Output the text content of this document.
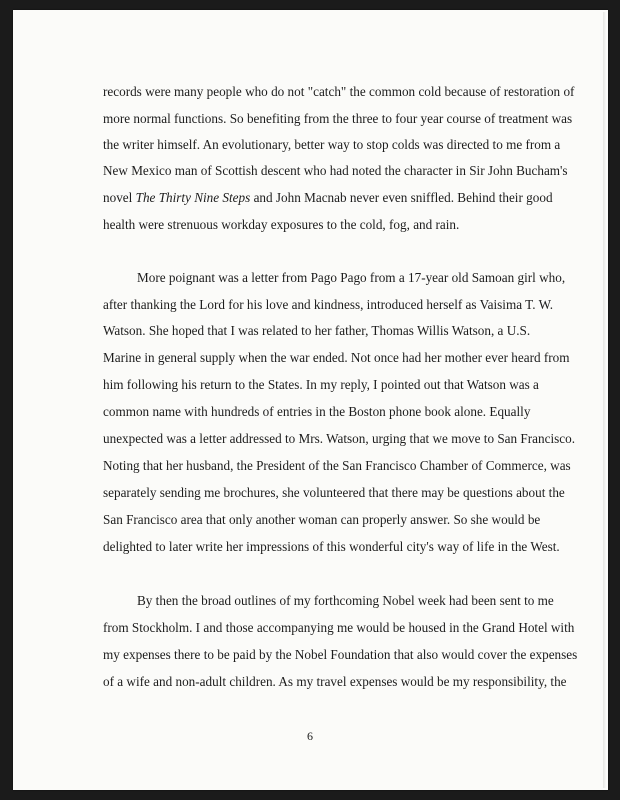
records were many people who do not "catch" the common cold because of restoration of
more normal functions. So benefiting from the three to four year course of treatment was
the writer himself. An evolutionary, better way to stop colds was directed to me from a
New Mexico man of Scottish descent who had noted the character in Sir John Bucham's
novel The Thirty Nine Steps and John Macnab never even sniffled. Behind their good
health were strenuous workday exposures to the cold, fog, and rain.
More poignant was a letter from Pago Pago from a 17-year old Samoan girl who,
after thanking the Lord for his love and kindness, introduced herself as Vaisima T. W.
Watson. She hoped that I was related to her father, Thomas Willis Watson, a U.S.
Marine in general supply when the war ended. Not once had her mother ever heard from
him following his return to the States. In my reply, I pointed out that Watson was a
common name with hundreds of entries in the Boston phone book alone. Equally
unexpected was a letter addressed to Mrs. Watson, urging that we move to San Francisco.
Noting that her husband, the President of the San Francisco Chamber of Commerce, was
separately sending me brochures, she volunteered that there may be questions about the
San Francisco area that only another woman can properly answer. So she would be
delighted to later write her impressions of this wonderful city's way of life in the West.
By then the broad outlines of my forthcoming Nobel week had been sent to me
from Stockholm. I and those accompanying me would be housed in the Grand Hotel with
my expenses there to be paid by the Nobel Foundation that also would cover the expenses
of a wife and non-adult children. As my travel expenses would be my responsibility, the
6
